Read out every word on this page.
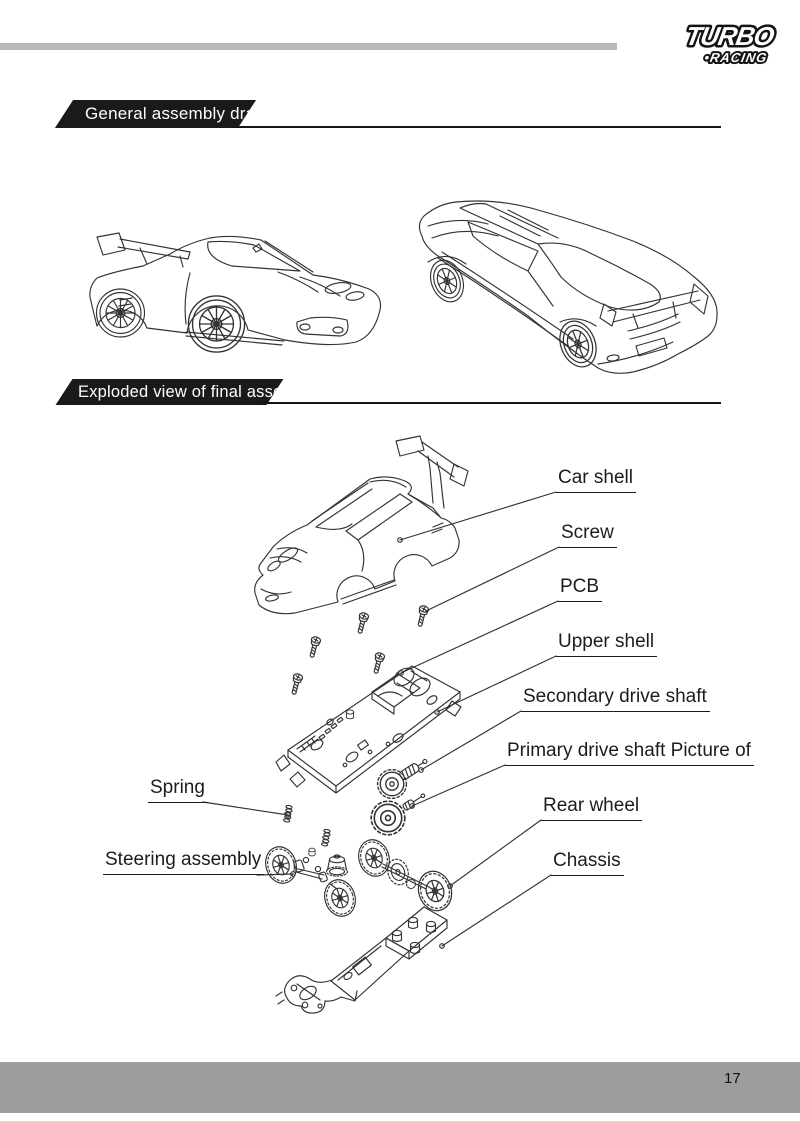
TURBO
•RACING
General assembly drawing
Exploded view of final assembly
Car shell
Screw
PCB
Upper shell
Secondary drive shaft
Primary drive shaft Picture of
Rear wheel
Chassis
Spring
Steering assembly
17
